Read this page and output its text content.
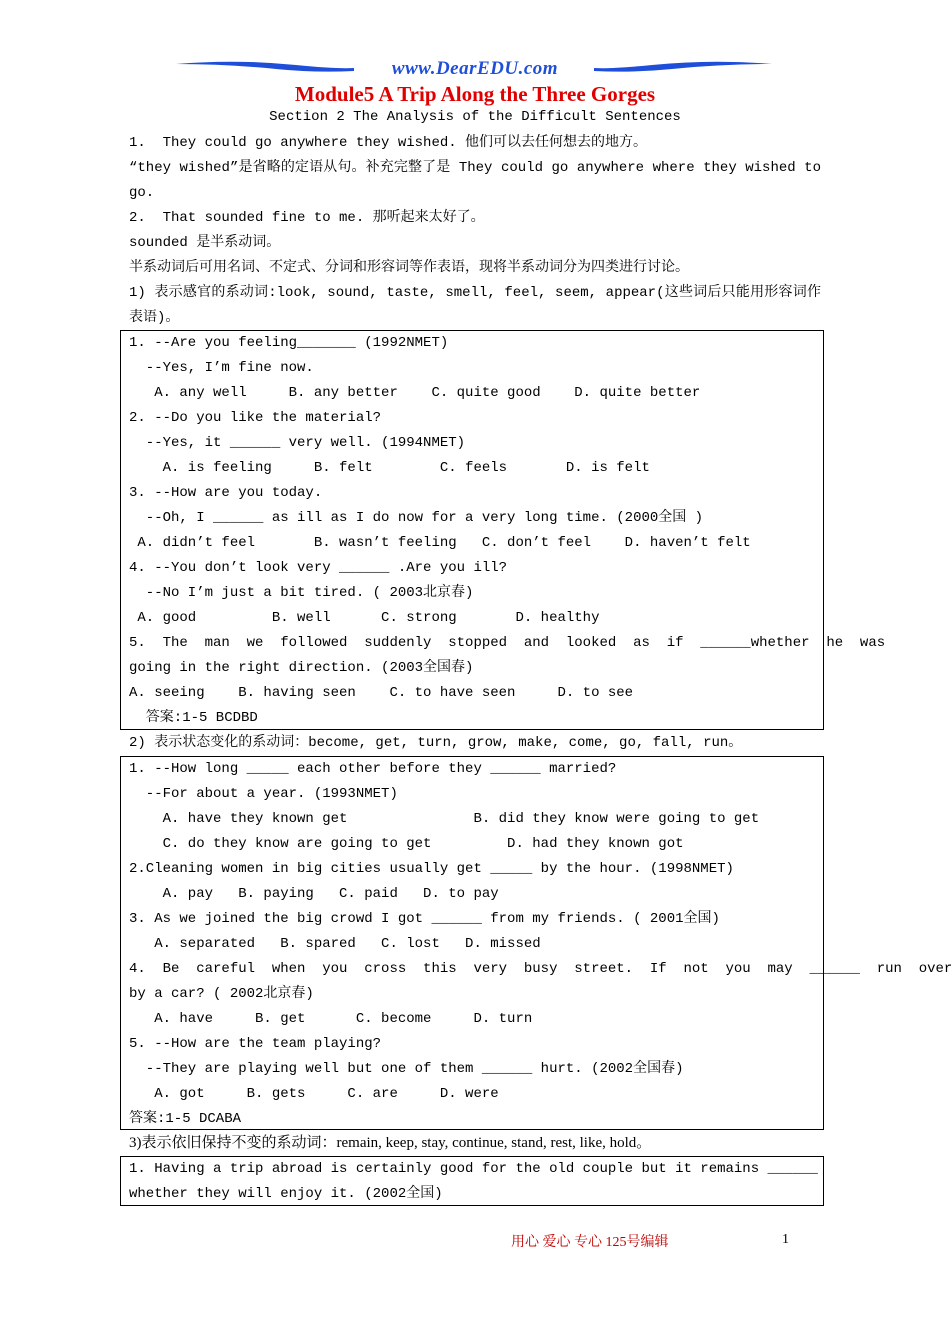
www.DearEDU.com
Module5 A Trip Along the Three Gorges
Section 2 The Analysis of the Difficult Sentences
1.  They could go anywhere they wished. 他们可以去任何想去的地方。
“they wished”是省略的定语从句。补充完整了是 They could go anywhere where they wished to go.
2.  That sounded fine to me. 那听起来太好了。
sounded 是半系动词。
半系动词后可用名词、不定式、分词和形容词等作表语，现将半系动词分为四类进行讨论。
1) 表示感官的系动词:look, sound, taste, smell, feel, seem, appear(这些词后只能用形容词作表语)。
1. --Are you feeling_______ (1992NMET)
--Yes, I’m fine now.
A. any well     B. any better    C. quite good    D. quite better
2. --Do you like the material?
--Yes, it ______ very well. (1994NMET)
A. is feeling     B. felt        C. feels       D. is felt
3. --How are you today.
--Oh, I ______ as ill as I do now for a very long time. (2000全国 )
A. didn’t feel       B. wasn’t feeling   C. don’t feel    D. haven’t felt
4. --You don’t look very ______ .Are you ill?
--No I’m just a bit tired. ( 2003北京春)
A. good         B. well      C. strong       D. healthy
5.  The  man  we  followed  suddenly  stopped  and  looked  as  if  ______whether  he  was
going in the right direction. (2003全国春)
A. seeing    B. having seen    C. to have seen     D. to see
答案:1-5 BCDBD
2) 表示状态变化的系动词：become, get, turn, grow, make, come, go, fall, run。
1. --How long _____ each other before they ______ married?
--For about a year. (1993NMET)
A. have they known get               B. did they know were going to get
C. do they know are going to get         D. had they known got
2.Cleaning women in big cities usually get _____ by the hour. (1998NMET)
A. pay   B. paying   C. paid   D. to pay
3. As we joined the big crowd I got ______ from my friends. ( 2001全国)
A. separated   B. spared   C. lost   D. missed
4.  Be  careful  when  you  cross  this  very  busy  street.  If  not  you  may  ______  run  over
by a car? ( 2002北京春)
A. have     B. get      C. become     D. turn
5. --How are the team playing?
--They are playing well but one of them ______ hurt. (2002全国春)
A. got     B. gets     C. are     D. were
答案:1-5 DCABA
3)表示依旧保持不变的系动词：remain, keep, stay, continue, stand, rest, like, hold。
1. Having a trip abroad is certainly good for the old couple but it remains ______
whether they will enjoy it. (2002全国)
用心 爱心 专心 125号编辑	1
